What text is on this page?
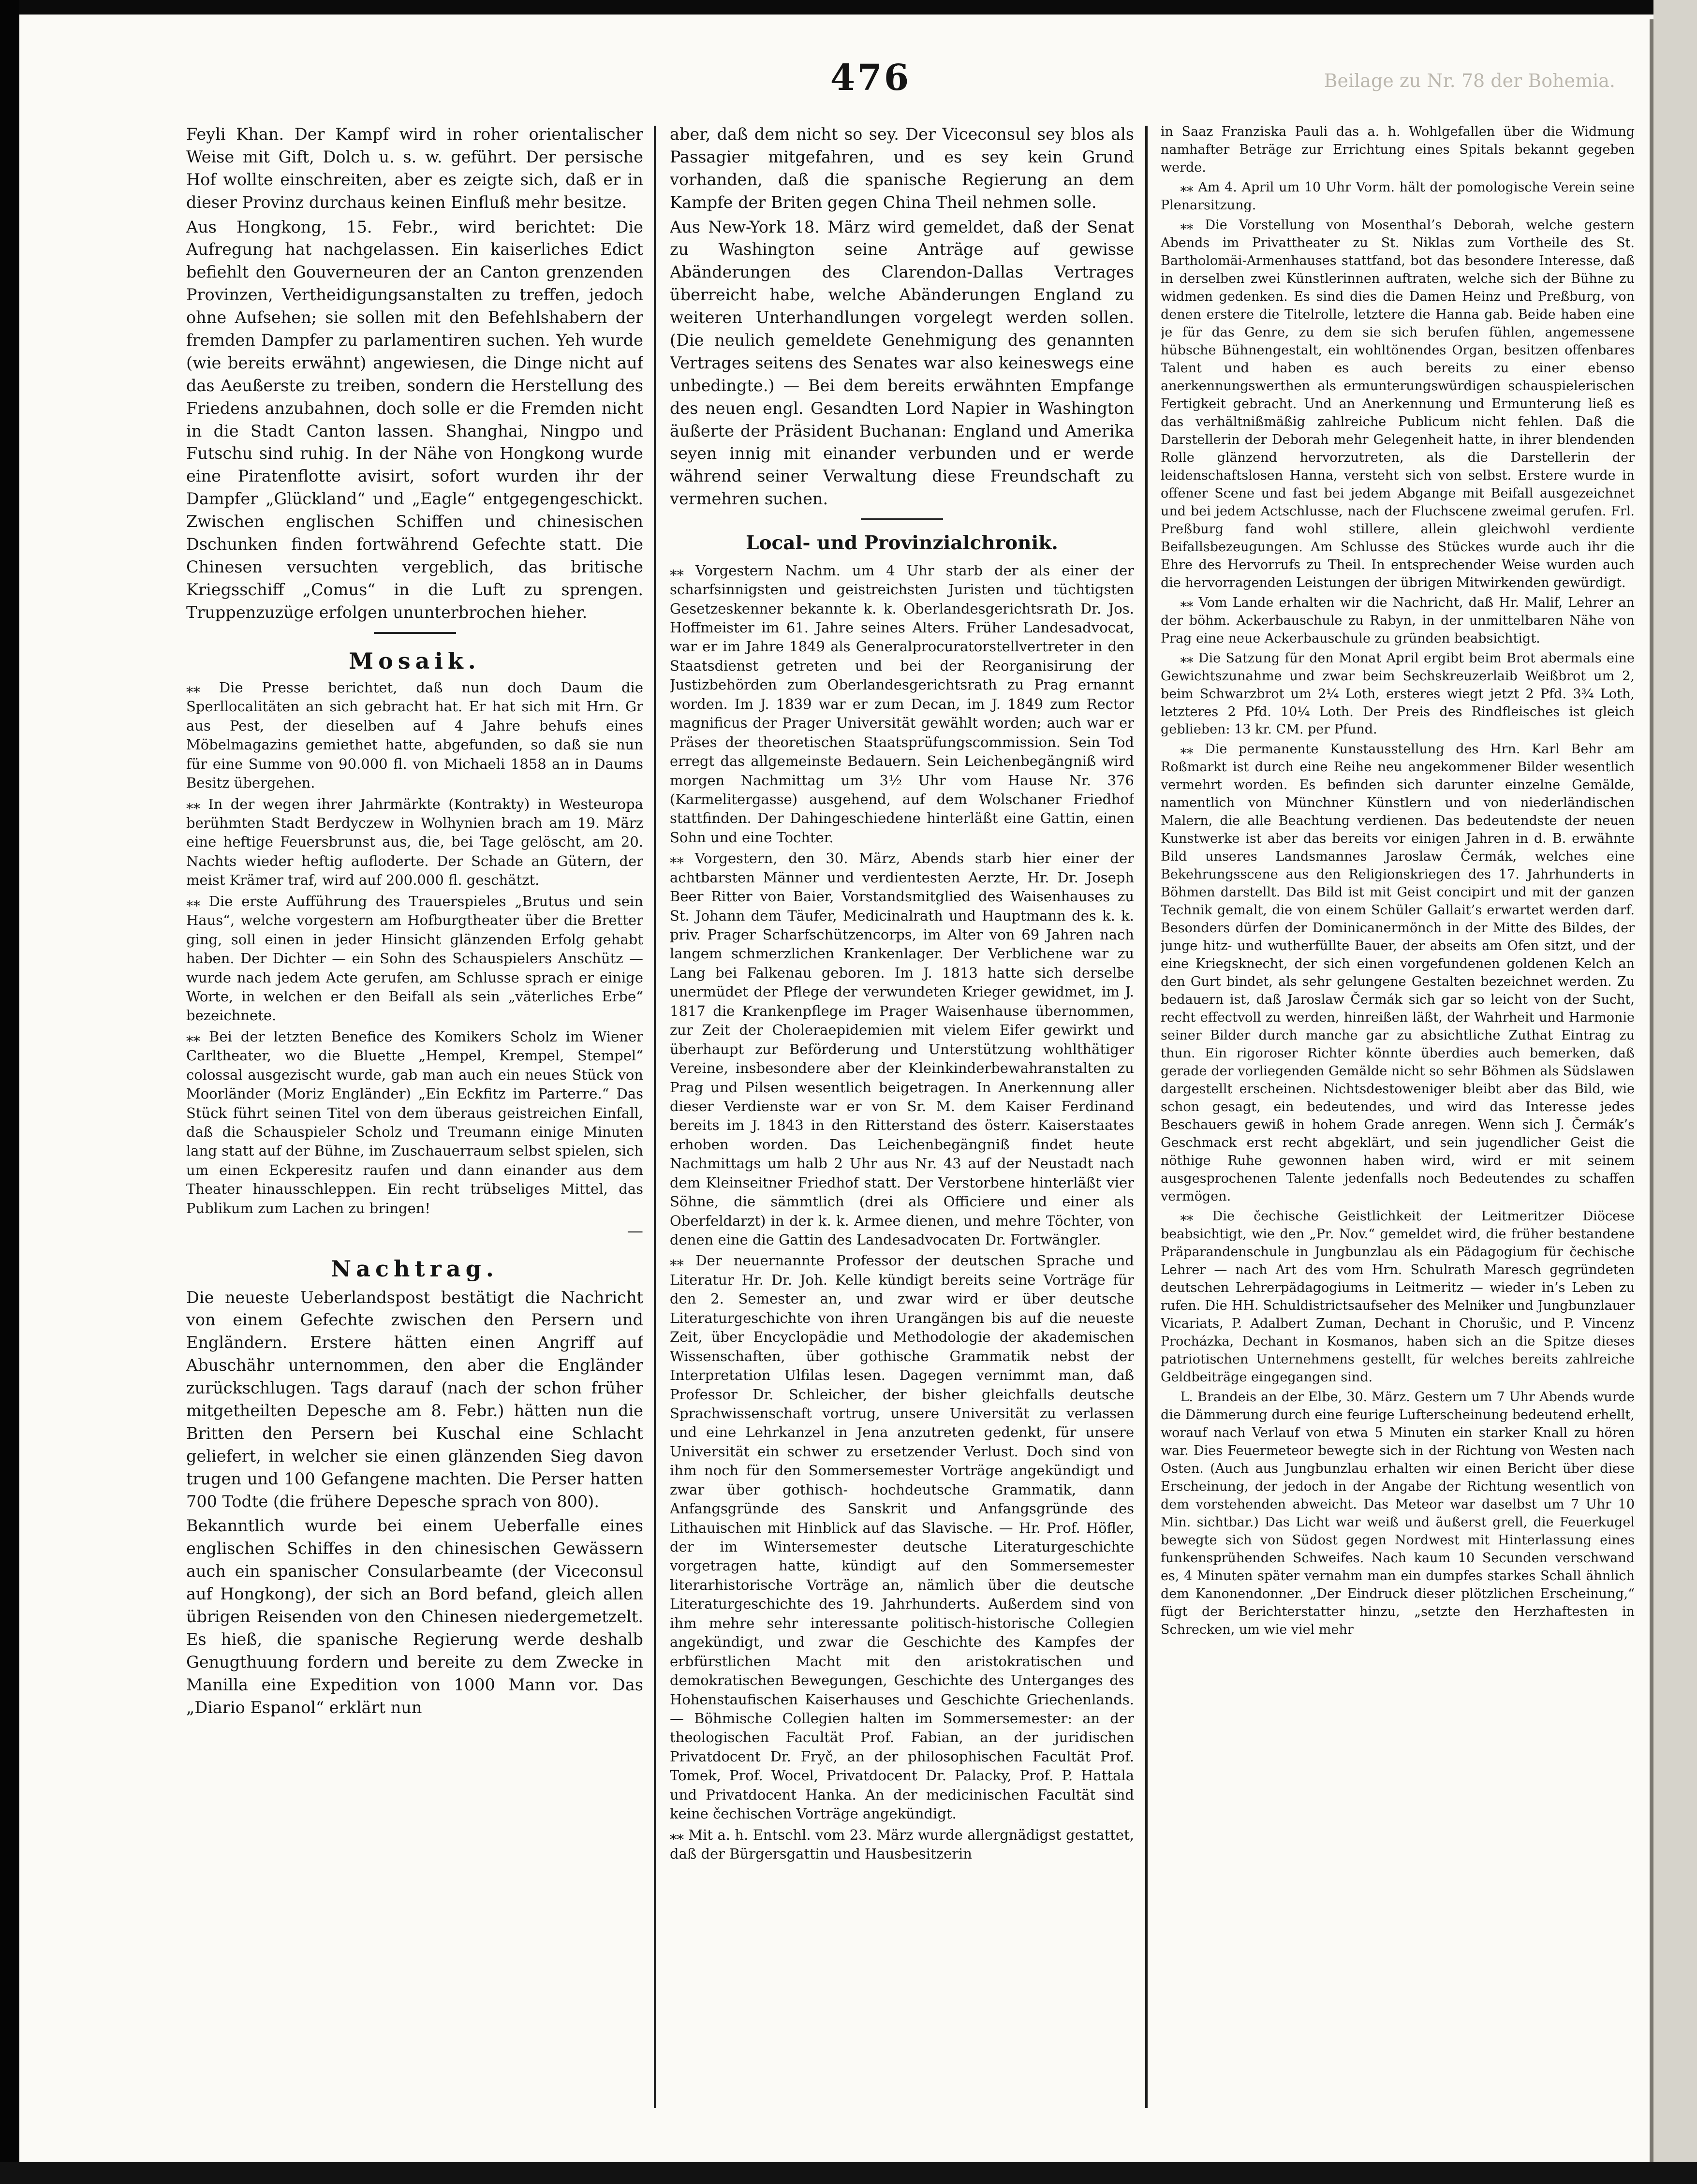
476	Beilage zu Nr. 78 der Bohemia.

Feyli Khan. Der Kampf wird in roher orientalischer Weise mit Gift, Dolch u. s. w. geführt. Der persische Hof wollte einschreiten, aber es zeigte sich, daß er in dieser Provinz durchaus keinen Einfluß mehr besitze.

Aus Hongkong, 15. Febr., wird berichtet: Die Aufregung hat nachgelassen. Ein kaiserliches Edict befiehlt den Gouverneuren der an Canton grenzenden Provinzen, Vertheidigungsanstalten zu treffen, jedoch ohne Aufsehen; sie sollen mit den Befehlshabern der fremden Dampfer zu parlamentiren suchen. Yeh wurde (wie bereits erwähnt) angewiesen, die Dinge nicht auf das Aeußerste zu treiben, sondern die Herstellung des Friedens anzubahnen, doch solle er die Fremden nicht in die Stadt Canton lassen. Shanghai, Ningpo und Futschu sind ruhig. In der Nähe von Hongkong wurde eine Piratenflotte avisirt, sofort wurden ihr der Dampfer „Glückland“ und „Eagle“ entgegengeschickt. Zwischen englischen Schiffen und chinesischen Dschunken finden fortwährend Gefechte statt. Die Chinesen versuchten vergeblich, das britische Kriegsschiff „Comus“ in die Luft zu sprengen. Truppenzuzüge erfolgen ununterbrochen hieher.

Mosaik.

⁎⁎ Die Presse berichtet, daß nun doch Daum die Sperllocalitäten an sich gebracht hat. Er hat sich mit Hrn. Gr aus Pest, der dieselben auf 4 Jahre behufs eines Möbelmagazins gemiethet hatte, abgefunden, so daß sie nun für eine Summe von 90.000 fl. von Michaeli 1858 an in Daums Besitz übergehen.

⁎⁎ In der wegen ihrer Jahrmärkte (Kontrakty) in Westeuropa berühmten Stadt Berdyczew in Wolhynien brach am 19. März eine heftige Feuersbrunst aus, die, bei Tage gelöscht, am 20. Nachts wieder heftig aufloderte. Der Schade an Gütern, der meist Krämer traf, wird auf 200.000 fl. geschätzt.

⁎⁎ Die erste Aufführung des Trauerspieles „Brutus und sein Haus“, welche vorgestern am Hofburgtheater über die Bretter ging, soll einen in jeder Hinsicht glänzenden Erfolg gehabt haben. Der Dichter — ein Sohn des Schauspielers Anschütz — wurde nach jedem Acte gerufen, am Schlusse sprach er einige Worte, in welchen er den Beifall als sein „väterliches Erbe“ bezeichnete.

⁎⁎ Bei der letzten Benefice des Komikers Scholz im Wiener Carltheater, wo die Bluette „Hempel, Krempel, Stempel“ colossal ausgezischt wurde, gab man auch ein neues Stück von Moorländer (Moriz Engländer) „Ein Eckfitz im Parterre.“ Das Stück führt seinen Titel von dem überaus geistreichen Einfall, daß die Schauspieler Scholz und Treumann einige Minuten lang statt auf der Bühne, im Zuschauerraum selbst spielen, sich um einen Eckperesitz raufen und dann einander aus dem Theater hinausschleppen. Ein recht trübseliges Mittel, das Publikum zum Lachen zu bringen!

—

Nachtrag.

Die neueste Ueberlandspost bestätigt die Nachricht von einem Gefechte zwischen den Persern und Engländern. Erstere hätten einen Angriff auf Abuschähr unternommen, den aber die Engländer zurückschlugen. Tags darauf (nach der schon früher mitgetheilten Depesche am 8. Febr.) hätten nun die Britten den Persern bei Kuschal eine Schlacht geliefert, in welcher sie einen glänzenden Sieg davon trugen und 100 Gefangene machten. Die Perser hatten 700 Todte (die frühere Depesche sprach von 800).

Bekanntlich wurde bei einem Ueberfalle eines englischen Schiffes in den chinesischen Gewässern auch ein spanischer Consularbeamte (der Viceconsul auf Hongkong), der sich an Bord befand, gleich allen übrigen Reisenden von den Chinesen niedergemetzelt. Es hieß, die spanische Regierung werde deshalb Genugthuung fordern und bereite zu dem Zwecke in Manilla eine Expedition von 1000 Mann vor. Das „Diario Espanol“ erklärt nun

aber, daß dem nicht so sey. Der Viceconsul sey blos als Passagier mitgefahren, und es sey kein Grund vorhanden, daß die spanische Regierung an dem Kampfe der Briten gegen China Theil nehmen solle.

Aus New-York 18. März wird gemeldet, daß der Senat zu Washington seine Anträge auf gewisse Abänderungen des Clarendon-Dallas Vertrages überreicht habe, welche Abänderungen England zu weiteren Unterhandlungen vorgelegt werden sollen. (Die neulich gemeldete Genehmigung des genannten Vertrages seitens des Senates war also keineswegs eine unbedingte.) — Bei dem bereits erwähnten Empfange des neuen engl. Gesandten Lord Napier in Washington äußerte der Präsident Buchanan: England und Amerika seyen innig mit einander verbunden und er werde während seiner Verwaltung diese Freundschaft zu vermehren suchen.

Local- und Provinzialchronik.

⁎⁎ Vorgestern Nachm. um 4 Uhr starb der als einer der scharfsinnigsten und geistreichsten Juristen und tüchtigsten Gesetzeskenner bekannte k. k. Oberlandesgerichtsrath Dr. Jos. Hoffmeister im 61. Jahre seines Alters. Früher Landesadvocat, war er im Jahre 1849 als Generalprocuratorstellvertreter in den Staatsdienst getreten und bei der Reorganisirung der Justizbehörden zum Oberlandesgerichtsrath zu Prag ernannt worden. Im J. 1839 war er zum Decan, im J. 1849 zum Rector magnificus der Prager Universität gewählt worden; auch war er Präses der theoretischen Staatsprüfungscommission. Sein Tod erregt das allgemeinste Bedauern. Sein Leichenbegängniß wird morgen Nachmittag um 3½ Uhr vom Hause Nr. 376 (Karmelitergasse) ausgehend, auf dem Wolschaner Friedhof stattfinden. Der Dahingeschiedene hinterläßt eine Gattin, einen Sohn und eine Tochter.

⁎⁎ Vorgestern, den 30. März, Abends starb hier einer der achtbarsten Männer und verdientesten Aerzte, Hr. Dr. Joseph Beer Ritter von Baier, Vorstandsmitglied des Waisenhauses zu St. Johann dem Täufer, Medicinalrath und Hauptmann des k. k. priv. Prager Scharfschützencorps, im Alter von 69 Jahren nach langem schmerzlichen Krankenlager. Der Verblichene war zu Lang bei Falkenau geboren. Im J. 1813 hatte sich derselbe unermüdet der Pflege der verwundeten Krieger gewidmet, im J. 1817 die Krankenpflege im Prager Waisenhause übernommen, zur Zeit der Choleraepidemien mit vielem Eifer gewirkt und überhaupt zur Beförderung und Unterstützung wohlthätiger Vereine, insbesondere aber der Kleinkinderbewahranstalten zu Prag und Pilsen wesentlich beigetragen. In Anerkennung aller dieser Verdienste war er von Sr. M. dem Kaiser Ferdinand bereits im J. 1843 in den Ritterstand des österr. Kaiserstaates erhoben worden. Das Leichenbegängniß findet heute Nachmittags um halb 2 Uhr aus Nr. 43 auf der Neustadt nach dem Kleinseitner Friedhof statt. Der Verstorbene hinterläßt vier Söhne, die sämmtlich (drei als Officiere und einer als Oberfeldarzt) in der k. k. Armee dienen, und mehre Töchter, von denen eine die Gattin des Landesadvocaten Dr. Fortwängler.

⁎⁎ Der neuernannte Professor der deutschen Sprache und Literatur Hr. Dr. Joh. Kelle kündigt bereits seine Vorträge für den 2. Semester an, und zwar wird er über deutsche Literaturgeschichte von ihren Urangängen bis auf die neueste Zeit, über Encyclopädie und Methodologie der akademischen Wissenschaften, über gothische Grammatik nebst der Interpretation Ulfilas lesen. Dagegen vernimmt man, daß Professor Dr. Schleicher, der bisher gleichfalls deutsche Sprachwissenschaft vortrug, unsere Universität zu verlassen und eine Lehrkanzel in Jena anzutreten gedenkt, für unsere Universität ein schwer zu ersetzender Verlust. Doch sind von ihm noch für den Sommersemester Vorträge angekündigt und zwar über gothisch- hochdeutsche Grammatik, dann Anfangsgründe des Sanskrit und Anfangsgründe des Lithauischen mit Hinblick auf das Slavische. — Hr. Prof. Höfler, der im Wintersemester deutsche Literaturgeschichte vorgetragen hatte, kündigt auf den Sommersemester literarhistorische Vorträge an, nämlich über die deutsche Literaturgeschichte des 19. Jahrhunderts. Außerdem sind von ihm mehre sehr interessante politisch-historische Collegien angekündigt, und zwar die Geschichte des Kampfes der erbfürstlichen Macht mit den aristokratischen und demokratischen Bewegungen, Geschichte des Unterganges des Hohenstaufischen Kaiserhauses und Geschichte Griechenlands. — Böhmische Collegien halten im Sommersemester: an der theologischen Facultät Prof. Fabian, an der juridischen Privatdocent Dr. Fryč, an der philosophischen Facultät Prof. Tomek, Prof. Wocel, Privatdocent Dr. Palacky, Prof. P. Hattala und Privatdocent Hanka. An der medicinischen Facultät sind keine čechischen Vorträge angekündigt.

⁎⁎ Mit a. h. Entschl. vom 23. März wurde allergnädigst gestattet, daß der Bürgersgattin und Hausbesitzerin

in Saaz Franziska Pauli das a. h. Wohlgefallen über die Widmung namhafter Beträge zur Errichtung eines Spitals bekannt gegeben werde.

⁎⁎ Am 4. April um 10 Uhr Vorm. hält der pomologische Verein seine Plenarsitzung.

⁎⁎ Die Vorstellung von Mosenthal’s Deborah, welche gestern Abends im Privattheater zu St. Niklas zum Vortheile des St. Bartholomäi-Armenhauses stattfand, bot das besondere Interesse, daß in derselben zwei Künstlerinnen auftraten, welche sich der Bühne zu widmen gedenken. Es sind dies die Damen Heinz und Preßburg, von denen erstere die Titelrolle, letztere die Hanna gab. Beide haben eine je für das Genre, zu dem sie sich berufen fühlen, angemessene hübsche Bühnengestalt, ein wohltönendes Organ, besitzen offenbares Talent und haben es auch bereits zu einer ebenso anerkennungswerthen als ermunterungswürdigen schauspielerischen Fertigkeit gebracht. Und an Anerkennung und Ermunterung ließ es das verhältnißmäßig zahlreiche Publicum nicht fehlen. Daß die Darstellerin der Deborah mehr Gelegenheit hatte, in ihrer blendenden Rolle glänzend hervorzutreten, als die Darstellerin der leidenschaftslosen Hanna, versteht sich von selbst. Erstere wurde in offener Scene und fast bei jedem Abgange mit Beifall ausgezeichnet und bei jedem Actschlusse, nach der Fluchscene zweimal gerufen. Frl. Preßburg fand wohl stillere, allein gleichwohl verdiente Beifallsbezeugungen. Am Schlusse des Stückes wurde auch ihr die Ehre des Hervorrufs zu Theil. In entsprechender Weise wurden auch die hervorragenden Leistungen der übrigen Mitwirkenden gewürdigt.

⁎⁎ Vom Lande erhalten wir die Nachricht, daß Hr. Malif, Lehrer an der böhm. Ackerbauschule zu Rabyn, in der unmittelbaren Nähe von Prag eine neue Ackerbauschule zu gründen beabsichtigt.

⁎⁎ Die Satzung für den Monat April ergibt beim Brot abermals eine Gewichtszunahme und zwar beim Sechskreuzerlaib Weißbrot um 2, beim Schwarzbrot um 2¼ Loth, ersteres wiegt jetzt 2 Pfd. 3¾ Loth, letzteres 2 Pfd. 10¼ Loth. Der Preis des Rindfleisches ist gleich geblieben: 13 kr. CM. per Pfund.

⁎⁎ Die permanente Kunstausstellung des Hrn. Karl Behr am Roßmarkt ist durch eine Reihe neu angekommener Bilder wesentlich vermehrt worden. Es befinden sich darunter einzelne Gemälde, namentlich von Münchner Künstlern und von niederländischen Malern, die alle Beachtung verdienen. Das bedeutendste der neuen Kunstwerke ist aber das bereits vor einigen Jahren in d. B. erwähnte Bild unseres Landsmannes Jaroslaw Čermák, welches eine Bekehrungsscene aus den Religionskriegen des 17. Jahrhunderts in Böhmen darstellt. Das Bild ist mit Geist concipirt und mit der ganzen Technik gemalt, die von einem Schüler Gallait’s erwartet werden darf. Besonders dürfen der Dominicanermönch in der Mitte des Bildes, der junge hitz- und wutherfüllte Bauer, der abseits am Ofen sitzt, und der eine Kriegsknecht, der sich einen vorgefundenen goldenen Kelch an den Gurt bindet, als sehr gelungene Gestalten bezeichnet werden. Zu bedauern ist, daß Jaroslaw Čermák sich gar so leicht von der Sucht, recht effectvoll zu werden, hinreißen läßt, der Wahrheit und Harmonie seiner Bilder durch manche gar zu absichtliche Zuthat Eintrag zu thun. Ein rigoroser Richter könnte überdies auch bemerken, daß gerade der vorliegenden Gemälde nicht so sehr Böhmen als Südslawen dargestellt erscheinen. Nichtsdestoweniger bleibt aber das Bild, wie schon gesagt, ein bedeutendes, und wird das Interesse jedes Beschauers gewiß in hohem Grade anregen. Wenn sich J. Čermák’s Geschmack erst recht abgeklärt, und sein jugendlicher Geist die nöthige Ruhe gewonnen haben wird, wird er mit seinem ausgesprochenen Talente jedenfalls noch Bedeutendes zu schaffen vermögen.

⁎⁎ Die čechische Geistlichkeit der Leitmeritzer Diöcese beabsichtigt, wie den „Pr. Nov.“ gemeldet wird, die früher bestandene Präparandenschule in Jungbunzlau als ein Pädagogium für čechische Lehrer — nach Art des vom Hrn. Schulrath Maresch gegründeten deutschen Lehrerpädagogiums in Leitmeritz — wieder in’s Leben zu rufen. Die HH. Schuldistrictsaufseher des Melniker und Jungbunzlauer Vicariats, P. Adalbert Zuman, Dechant in Chorušic, und P. Vincenz Procházka, Dechant in Kosmanos, haben sich an die Spitze dieses patriotischen Unternehmens gestellt, für welches bereits zahlreiche Geldbeiträge eingegangen sind.

L. Brandeis an der Elbe, 30. März. Gestern um 7 Uhr Abends wurde die Dämmerung durch eine feurige Lufterscheinung bedeutend erhellt, worauf nach Verlauf von etwa 5 Minuten ein starker Knall zu hören war. Dies Feuermeteor bewegte sich in der Richtung von Westen nach Osten. (Auch aus Jungbunzlau erhalten wir einen Bericht über diese Erscheinung, der jedoch in der Angabe der Richtung wesentlich von dem vorstehenden abweicht. Das Meteor war daselbst um 7 Uhr 10 Min. sichtbar.) Das Licht war weiß und äußerst grell, die Feuerkugel bewegte sich von Südost gegen Nordwest mit Hinterlassung eines funkensprühenden Schweifes. Nach kaum 10 Secunden verschwand es, 4 Minuten später vernahm man ein dumpfes starkes Schall ähnlich dem Kanonendonner. „Der Eindruck dieser plötzlichen Erscheinung,“ fügt der Berichterstatter hinzu, „setzte den Herzhaftesten in Schrecken, um wie viel mehr
